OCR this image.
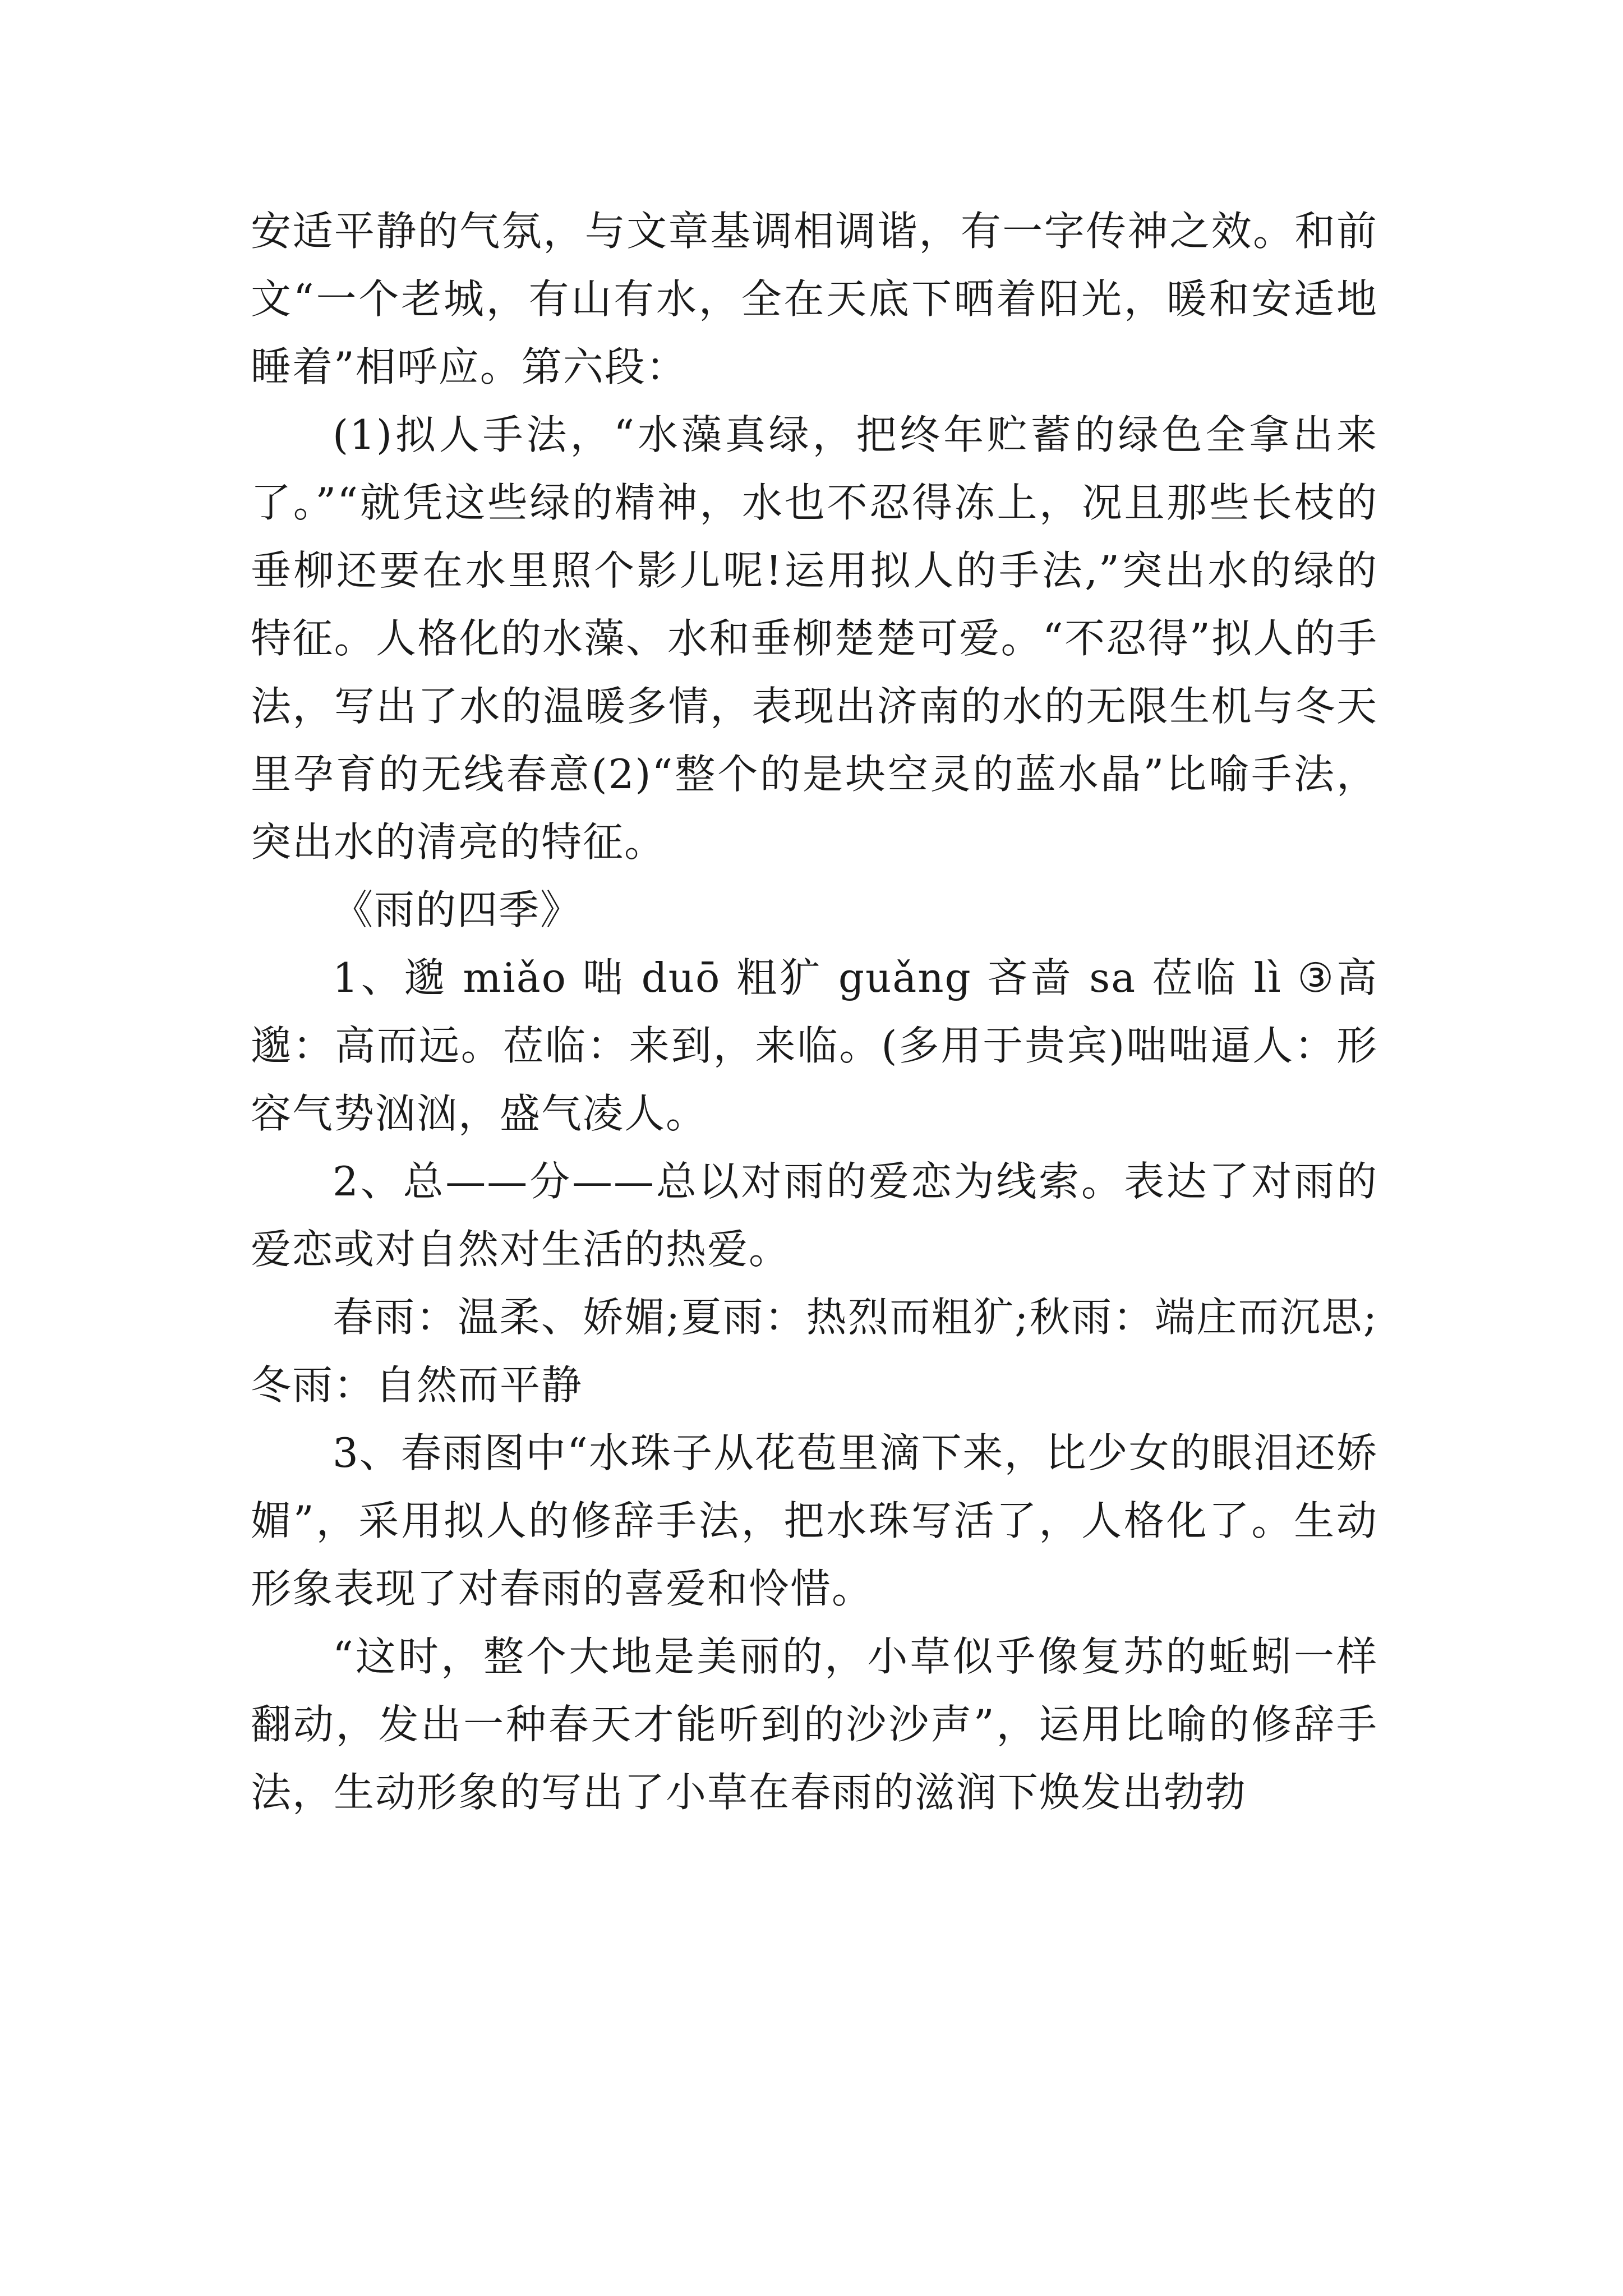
安适平静的气氛，与文章基调相调谐，有一字传神之效。和前文“一个老城，有山有水，全在天底下晒着阳光，暖和安适地睡着”相呼应。第六段：

(1)拟人手法，“水藻真绿，把终年贮蓄的绿色全拿出来了。”“就凭这些绿的精神，水也不忍得冻上，况且那些长枝的垂柳还要在水里照个影儿呢!运用拟人的手法,”突出水的绿的特征。人格化的水藻、水和垂柳楚楚可爱。“不忍得”拟人的手法，写出了水的温暖多情，表现出济南的水的无限生机与冬天里孕育的无线春意(2)“整个的是块空灵的蓝水晶”比喻手法，突出水的清亮的特征。

《雨的四季》

1、邈 miǎo 咄 duō 粗犷 guǎng 吝啬 sa 莅临 lì ③高邈：高而远。莅临：来到，来临。(多用于贵宾)咄咄逼人：形容气势汹汹，盛气凌人。

2、总——分——总以对雨的爱恋为线索。表达了对雨的爱恋或对自然对生活的热爱。

春雨：温柔、娇媚;夏雨：热烈而粗犷;秋雨：端庄而沉思;冬雨：自然而平静

3、春雨图中“水珠子从花苞里滴下来，比少女的眼泪还娇媚”，采用拟人的修辞手法，把水珠写活了，人格化了。生动形象表现了对春雨的喜爱和怜惜。

“这时，整个大地是美丽的，小草似乎像复苏的蚯蚓一样翻动，发出一种春天才能听到的沙沙声”，运用比喻的修辞手法，生动形象的写出了小草在春雨的滋润下焕发出勃勃
